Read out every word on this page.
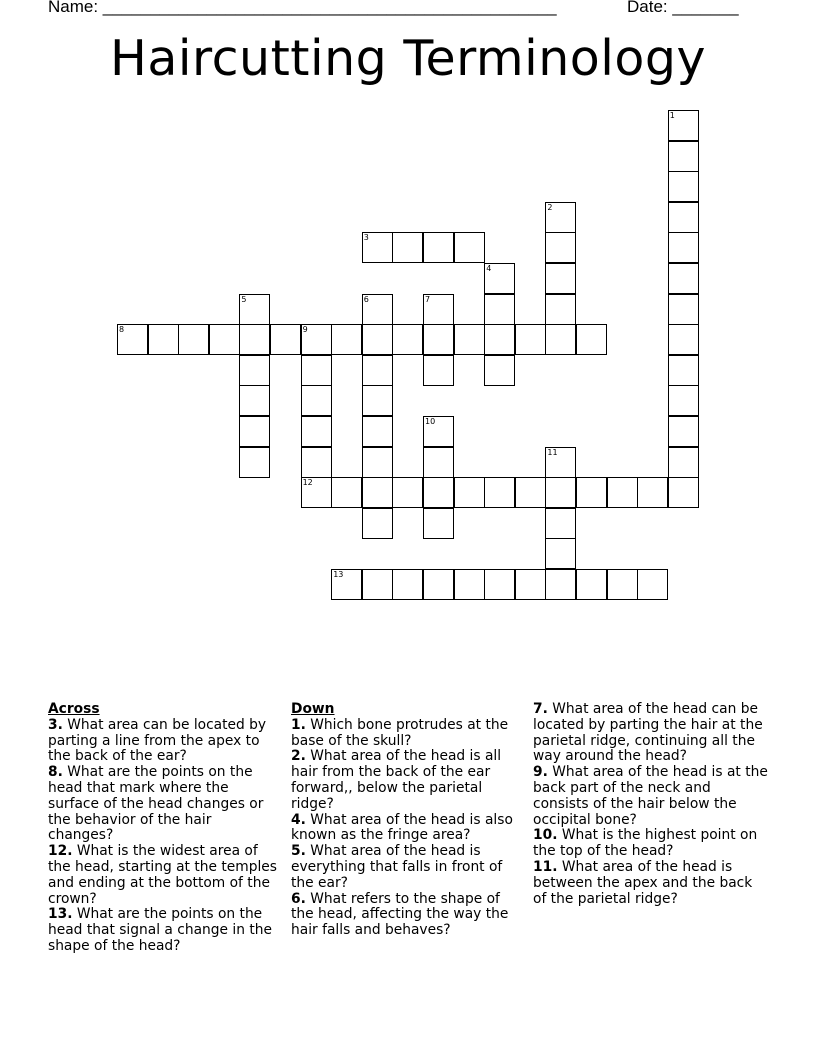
Name: ________________________________________________	Date: _______
Haircutting Terminology
1
2
3
4
5	6	7
8	9
10
11
12
13
Across
3. What area can be located by parting a line from the apex to the back of the ear?
8. What are the points on the head that mark where the surface of the head changes or the behavior of the hair changes?
12. What is the widest area of the head, starting at the temples and ending at the bottom of the crown?
13. What are the points on the head that signal a change in the shape of the head?
Down
1. Which bone protrudes at the base of the skull?
2. What area of the head is all hair from the back of the ear forward,, below the parietal ridge?
4. What area of the head is also known as the fringe area?
5. What area of the head is everything that falls in front of the ear?
6. What refers to the shape of the head, affecting the way the hair falls and behaves?
7. What area of the head can be located by parting the hair at the parietal ridge, continuing all the way around the head?
9. What area of the head is at the back part of the neck and consists of the hair below the occipital bone?
10. What is the highest point on the top of the head?
11. What area of the head is between the apex and the back of the parietal ridge?
